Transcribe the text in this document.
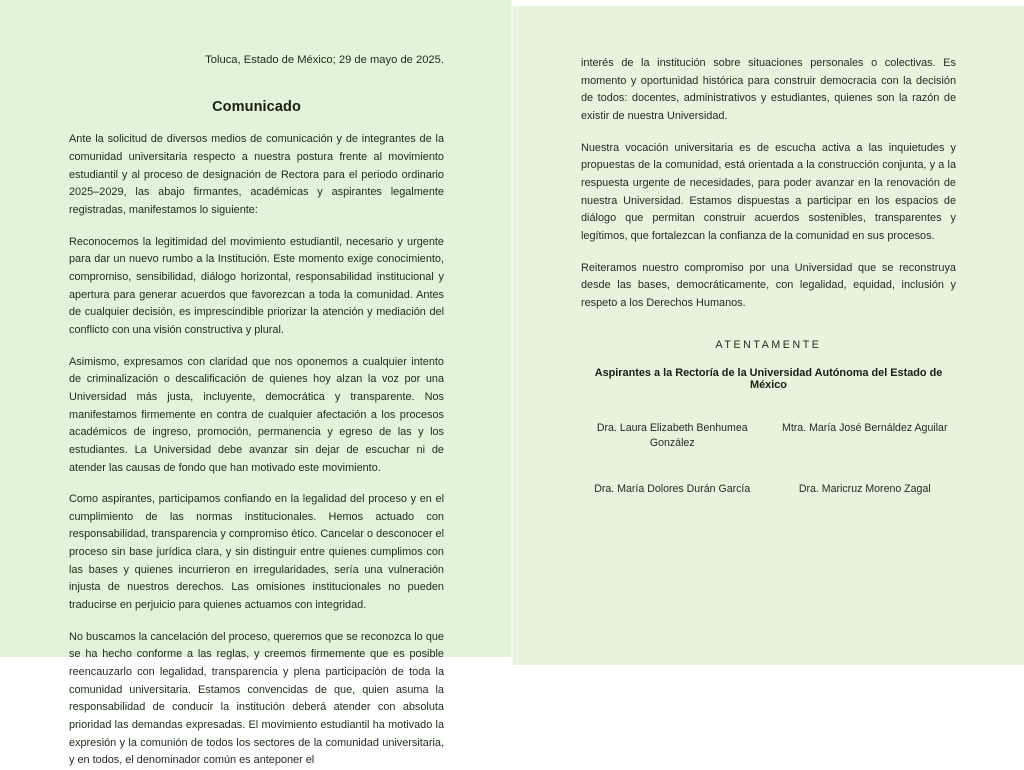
Toluca, Estado de México; 29 de mayo de 2025.

Comunicado

Ante la solicitud de diversos medios de comunicación y de integrantes de la comunidad universitaria respecto a nuestra postura frente al movimiento estudiantil y al proceso de designación de Rectora para el periodo ordinario 2025–2029, las abajo firmantes, académicas y aspirantes legalmente registradas, manifestamos lo siguiente:

Reconocemos la legitimidad del movimiento estudiantil, necesario y urgente para dar un nuevo rumbo a la Institución. Este momento exige conocimiento, compromiso, sensibilidad, diálogo horizontal, responsabilidad institucional y apertura para generar acuerdos que favorezcan a toda la comunidad. Antes de cualquier decisión, es imprescindible priorizar la atención y mediación del conflicto con una visión constructiva y plural.

Asimismo, expresamos con claridad que nos oponemos a cualquier intento de criminalización o descalificación de quienes hoy alzan la voz por una Universidad más justa, incluyente, democrática y transparente. Nos manifestamos firmemente en contra de cualquier afectación a los procesos académicos de ingreso, promoción, permanencia y egreso de las y los estudiantes. La Universidad debe avanzar sin dejar de escuchar ni de atender las causas de fondo que han motivado este movimiento.

Como aspirantes, participamos confiando en la legalidad del proceso y en el cumplimiento de las normas institucionales. Hemos actuado con responsabilidad, transparencia y compromiso ético. Cancelar o desconocer el proceso sin base jurídica clara, y sin distinguir entre quienes cumplimos con las bases y quienes incurrieron en irregularidades, sería una vulneración injusta de nuestros derechos. Las omisiones institucionales no pueden traducirse en perjuicio para quienes actuamos con integridad.

No buscamos la cancelación del proceso, queremos que se reconozca lo que se ha hecho conforme a las reglas, y creemos firmemente que es posible reencauzarlo con legalidad, transparencia y plena participación de toda la comunidad universitaria. Estamos convencidas de que, quien asuma la responsabilidad de conducir la institución deberá atender con absoluta prioridad las demandas expresadas. El movimiento estudiantil ha motivado la expresión y la comunión de todos los sectores de la comunidad universitaria, y en todos, el denominador común es anteponer el

interés de la institución sobre situaciones personales o colectivas. Es momento y oportunidad histórica para construir democracia con la decisión de todos: docentes, administrativos y estudiantes, quienes son la razón de existir de nuestra Universidad.

Nuestra vocación universitaria es de escucha activa a las inquietudes y propuestas de la comunidad, está orientada a la construcción conjunta, y a la respuesta urgente de necesidades, para poder avanzar en la renovación de nuestra Universidad. Estamos dispuestas a participar en los espacios de diálogo que permitan construir acuerdos sostenibles, transparentes y legítimos, que fortalezcan la confianza de la comunidad en sus procesos.

Reiteramos nuestro compromiso por una Universidad que se reconstruya desde las bases, democráticamente, con legalidad, equidad, inclusión y respeto a los Derechos Humanos.

ATENTAMENTE

Aspirantes a la Rectoría de la Universidad Autónoma del Estado de México

Dra. Laura Elizabeth Benhumea González
Mtra. María José Bernáldez Aguilar
Dra. María Dolores Durán García	Dra. Maricruz Moreno Zagal
